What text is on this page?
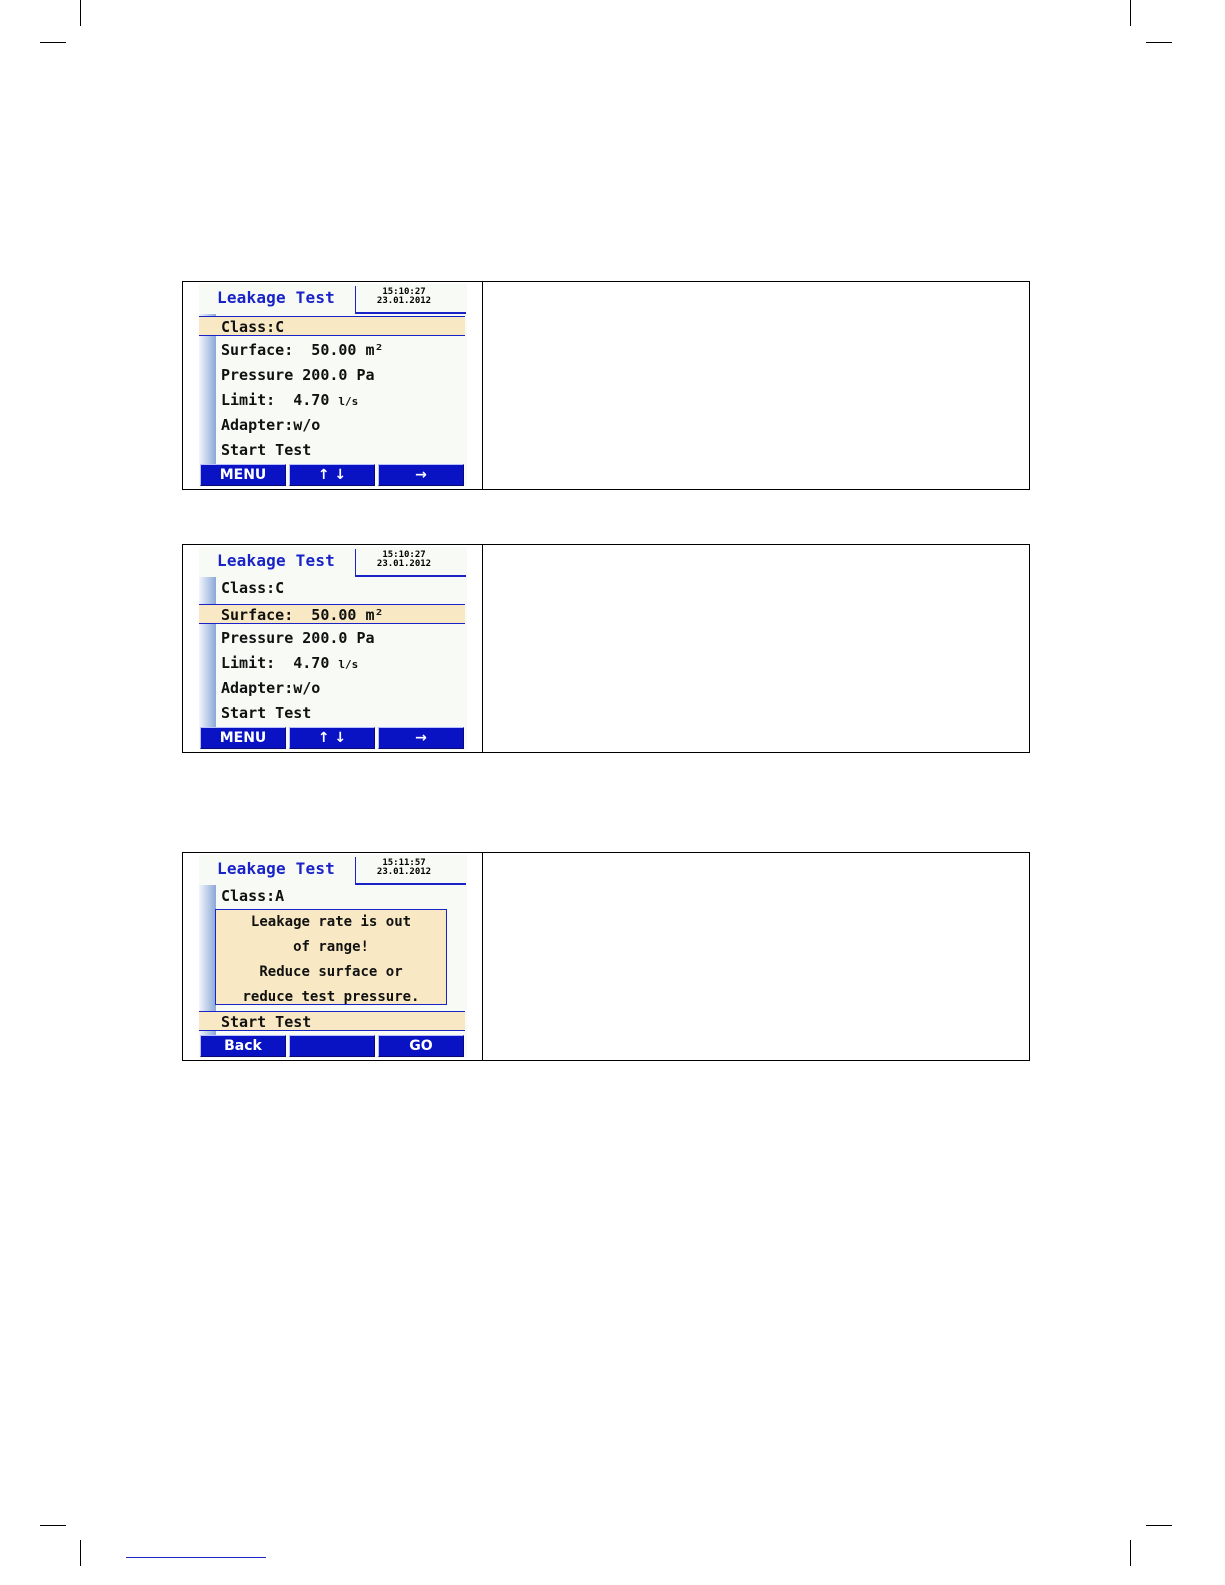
Leakage Test	15:10:27
23.01.2012
Class:C
Surface:  50.00 m²
Pressure 200.0 Pa
Limit:  4.70 l/s
Adapter:w/o
Start Test
MENU	↑ ↓	→
Leakage Test	15:10:27
23.01.2012
Class:C
Surface:  50.00 m²
Pressure 200.0 Pa
Limit:  4.70 l/s
Adapter:w/o
Start Test
MENU	↑ ↓	→
Leakage Test	15:11:57
23.01.2012
Class:A
Leakage rate is out
of range!
Reduce surface or
reduce test pressure.
Start Test
Back	GO
